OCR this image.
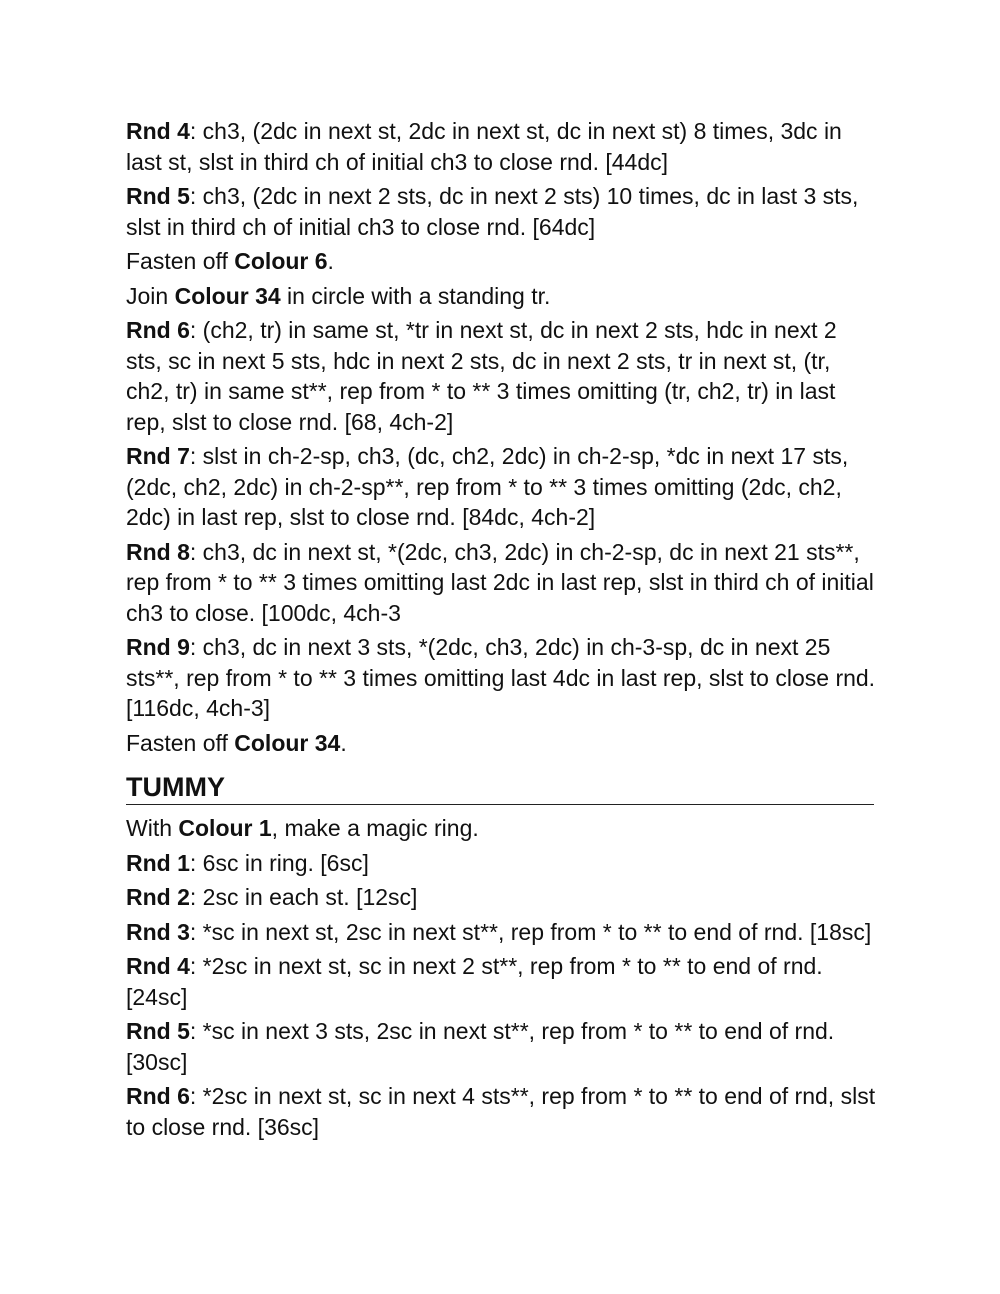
Rnd 4: ch3, (2dc in next st, 2dc in next st, dc in next st) 8 times, 3dc in last st, slst in third ch of initial ch3 to close rnd. [44dc]
Rnd 5: ch3, (2dc in next 2 sts, dc in next 2 sts) 10 times, dc in last 3 sts, slst in third ch of initial ch3 to close rnd. [64dc]
Fasten off Colour 6.
Join Colour 34 in circle with a standing tr.
Rnd 6: (ch2, tr) in same st, *tr in next st, dc in next 2 sts, hdc in next 2 sts, sc in next 5 sts, hdc in next 2 sts, dc in next 2 sts, tr in next st, (tr, ch2, tr) in same st**, rep from * to ** 3 times omitting (tr, ch2, tr) in last rep, slst to close rnd. [68, 4ch-2]
Rnd 7: slst in ch-2-sp, ch3, (dc, ch2, 2dc) in ch-2-sp, *dc in next 17 sts, (2dc, ch2, 2dc) in ch-2-sp**, rep from * to ** 3 times omitting (2dc, ch2, 2dc) in last rep, slst to close rnd. [84dc, 4ch-2]
Rnd 8: ch3, dc in next st, *(2dc, ch3, 2dc) in ch-2-sp, dc in next 21 sts**, rep from * to ** 3 times omitting last 2dc in last rep, slst in third ch of initial ch3 to close. [100dc, 4ch-3
Rnd 9: ch3, dc in next 3 sts, *(2dc, ch3, 2dc) in ch-3-sp, dc in next 25 sts**, rep from * to ** 3 times omitting last 4dc in last rep, slst to close rnd. [116dc, 4ch-3]
Fasten off Colour 34.
TUMMY
With Colour 1, make a magic ring.
Rnd 1: 6sc in ring. [6sc]
Rnd 2: 2sc in each st. [12sc]
Rnd 3: *sc in next st, 2sc in next st**, rep from * to ** to end of rnd. [18sc]
Rnd 4: *2sc in next st, sc in next 2 st**, rep from * to ** to end of rnd. [24sc]
Rnd 5: *sc in next 3 sts, 2sc in next st**, rep from * to ** to end of rnd. [30sc]
Rnd 6: *2sc in next st, sc in next 4 sts**, rep from * to ** to end of rnd, slst to close rnd. [36sc]
